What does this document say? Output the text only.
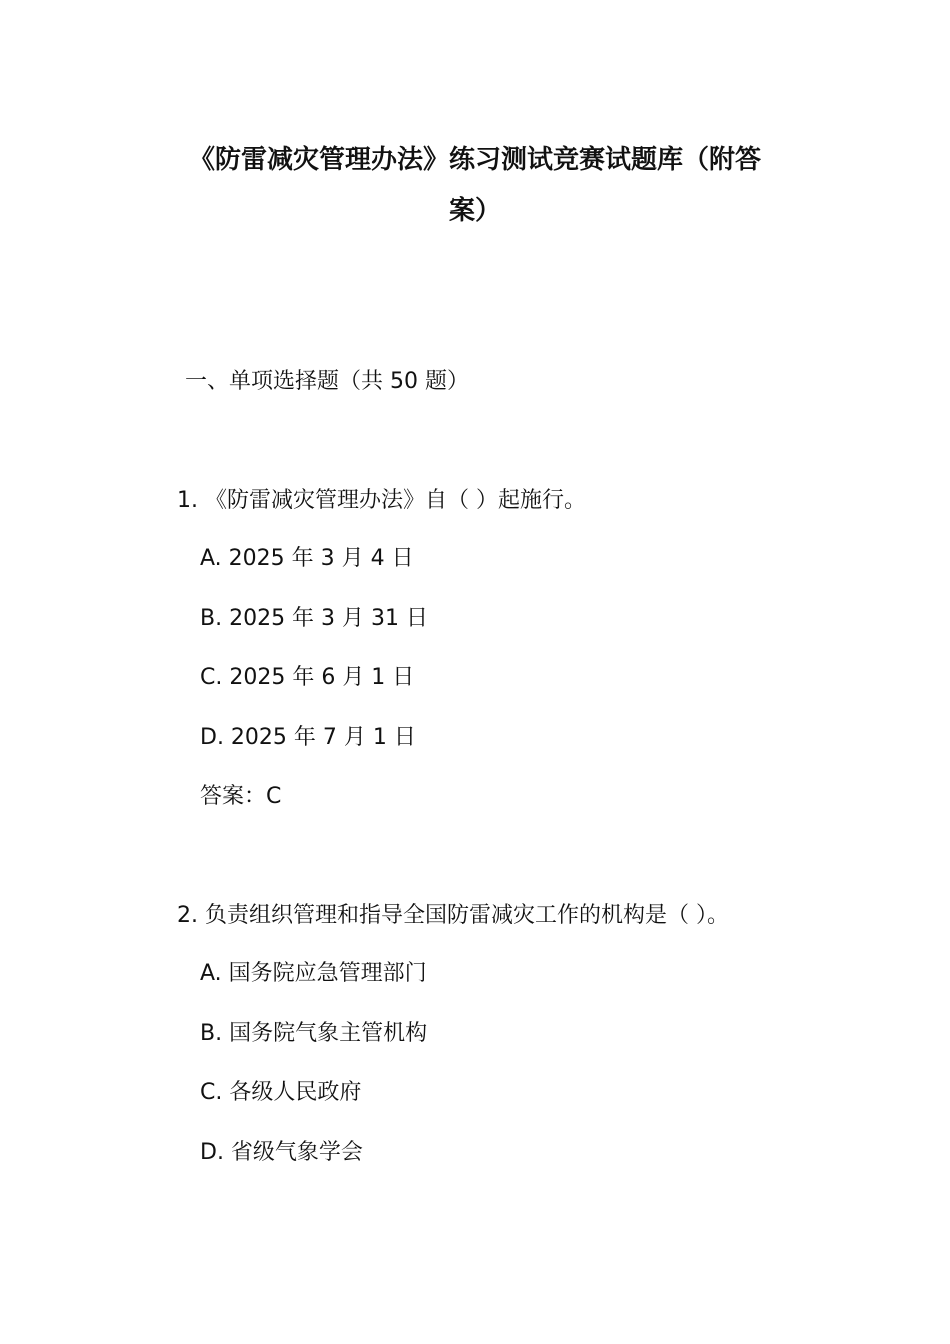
《防雷减灾管理办法》练习测试竞赛试题库（附答
案）
一、单项选择题（共 50 题）
1. 《防雷减灾管理办法》自（ ）起施行。
A. 2025 年 3 月 4 日
B. 2025 年 3 月 31 日
C. 2025 年 6 月 1 日
D. 2025 年 7 月 1 日
答案：C
2. 负责组织管理和指导全国防雷减灾工作的机构是（ ）。
A. 国务院应急管理部门
B. 国务院气象主管机构
C. 各级人民政府
D. 省级气象学会
